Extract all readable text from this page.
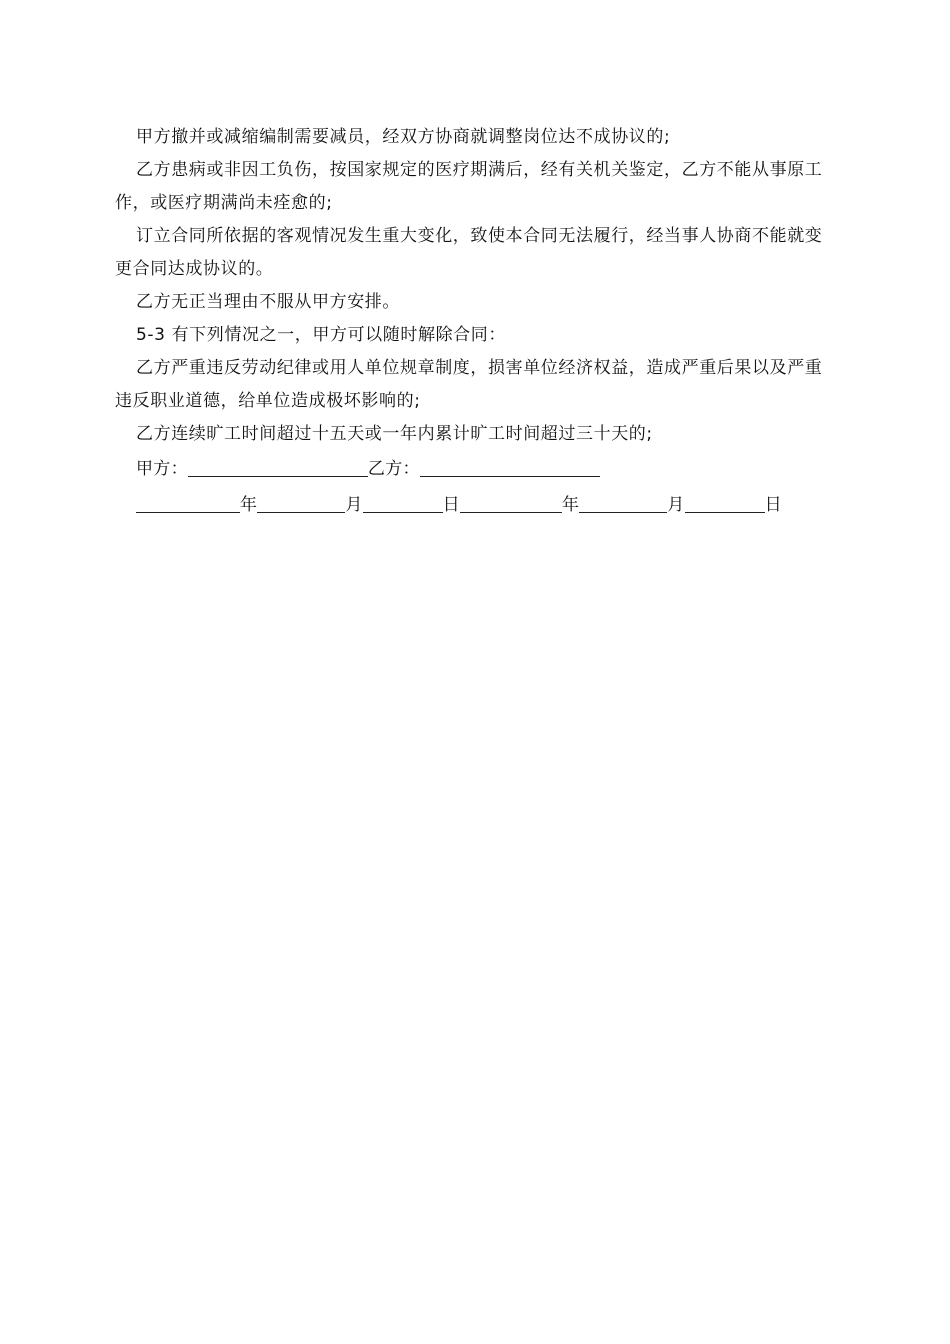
甲方撤并或减缩编制需要减员，经双方协商就调整岗位达不成协议的;

乙方患病或非因工负伤，按国家规定的医疗期满后，经有关机关鉴定，乙方不能从事原工作，或医疗期满尚未痊愈的;

订立合同所依据的客观情况发生重大变化，致使本合同无法履行，经当事人协商不能就变更合同达成协议的。

乙方无正当理由不服从甲方安排。

5-3 有下列情况之一，甲方可以随时解除合同：

乙方严重违反劳动纪律或用人单位规章制度，损害单位经济权益，造成严重后果以及严重违反职业道德，给单位造成极坏影响的;

乙方连续旷工时间超过十五天或一年内累计旷工时间超过三十天的;

甲方：	乙方：
年	月	日	年	月	日
